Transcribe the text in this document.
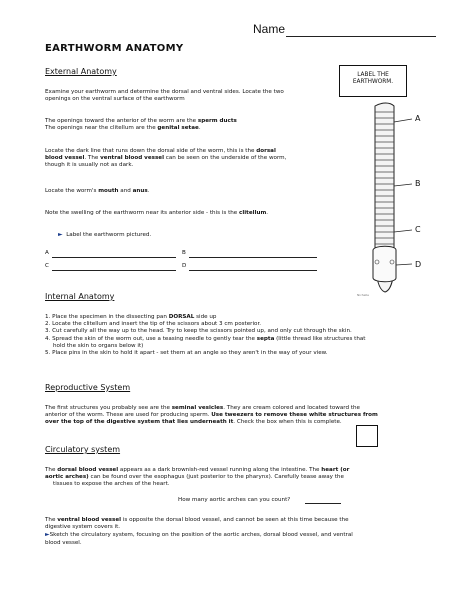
Name
EARTHWORM ANATOMY
External Anatomy
Examine your earthworm and determine the dorsal and ventral sides. Locate the two
openings on the ventral surface of the earthworm
The openings toward the anterior of the worm are the sperm ducts
The openings near the clitellum are the genital setae.
Locate the dark line that runs down the dorsal side of the worm, this is the dorsal
blood vessel. The ventral blood vessel can be seen on the underside of the worm,
though it is usually not as dark.
Locate the worm's mouth and anus.
Note the swelling of the earthworm near its anterior side - this is the clitellum.
► Label the earthworm pictured.
A	B
C	D
LABEL THE
EARTHWORM.
A
B
C
D
Nichelle
Internal Anatomy
1. Place the specimen in the dissecting pan DORSAL side up
2. Locate the clitellum and insert the tip of the scissors about 3 cm posterior.
3. Cut carefully all the way up to the head. Try to keep the scissors pointed up, and only cut through the skin.
4. Spread the skin of the worm out, use a teasing needle to gently tear the septa (little thread like structures that
hold the skin to organs below it)
5. Place pins in the skin to hold it apart - set them at an angle so they aren't in the way of your view.
Reproductive System
The first structures you probably see are the seminal vesicles. They are cream colored and located toward the
anterior of the worm. These are used for producing sperm. Use tweezers to remove these white structures from
over the top of the digestive system that lies underneath it. Check the box when this is complete.
Circulatory system
The dorsal blood vessel appears as a dark brownish-red vessel running along the intestine. The heart (or
aortic arches) can be found over the esophagus (just posterior to the pharynx). Carefully tease away the
tissues to expose the arches of the heart.
How many aortic arches can you count?
The ventral blood vessel is opposite the dorsal blood vessel, and cannot be seen at this time because the
digestive system covers it.
►Sketch the circulatory system, focusing on the position of the aortic arches, dorsal blood vessel, and ventral
blood vessel.
